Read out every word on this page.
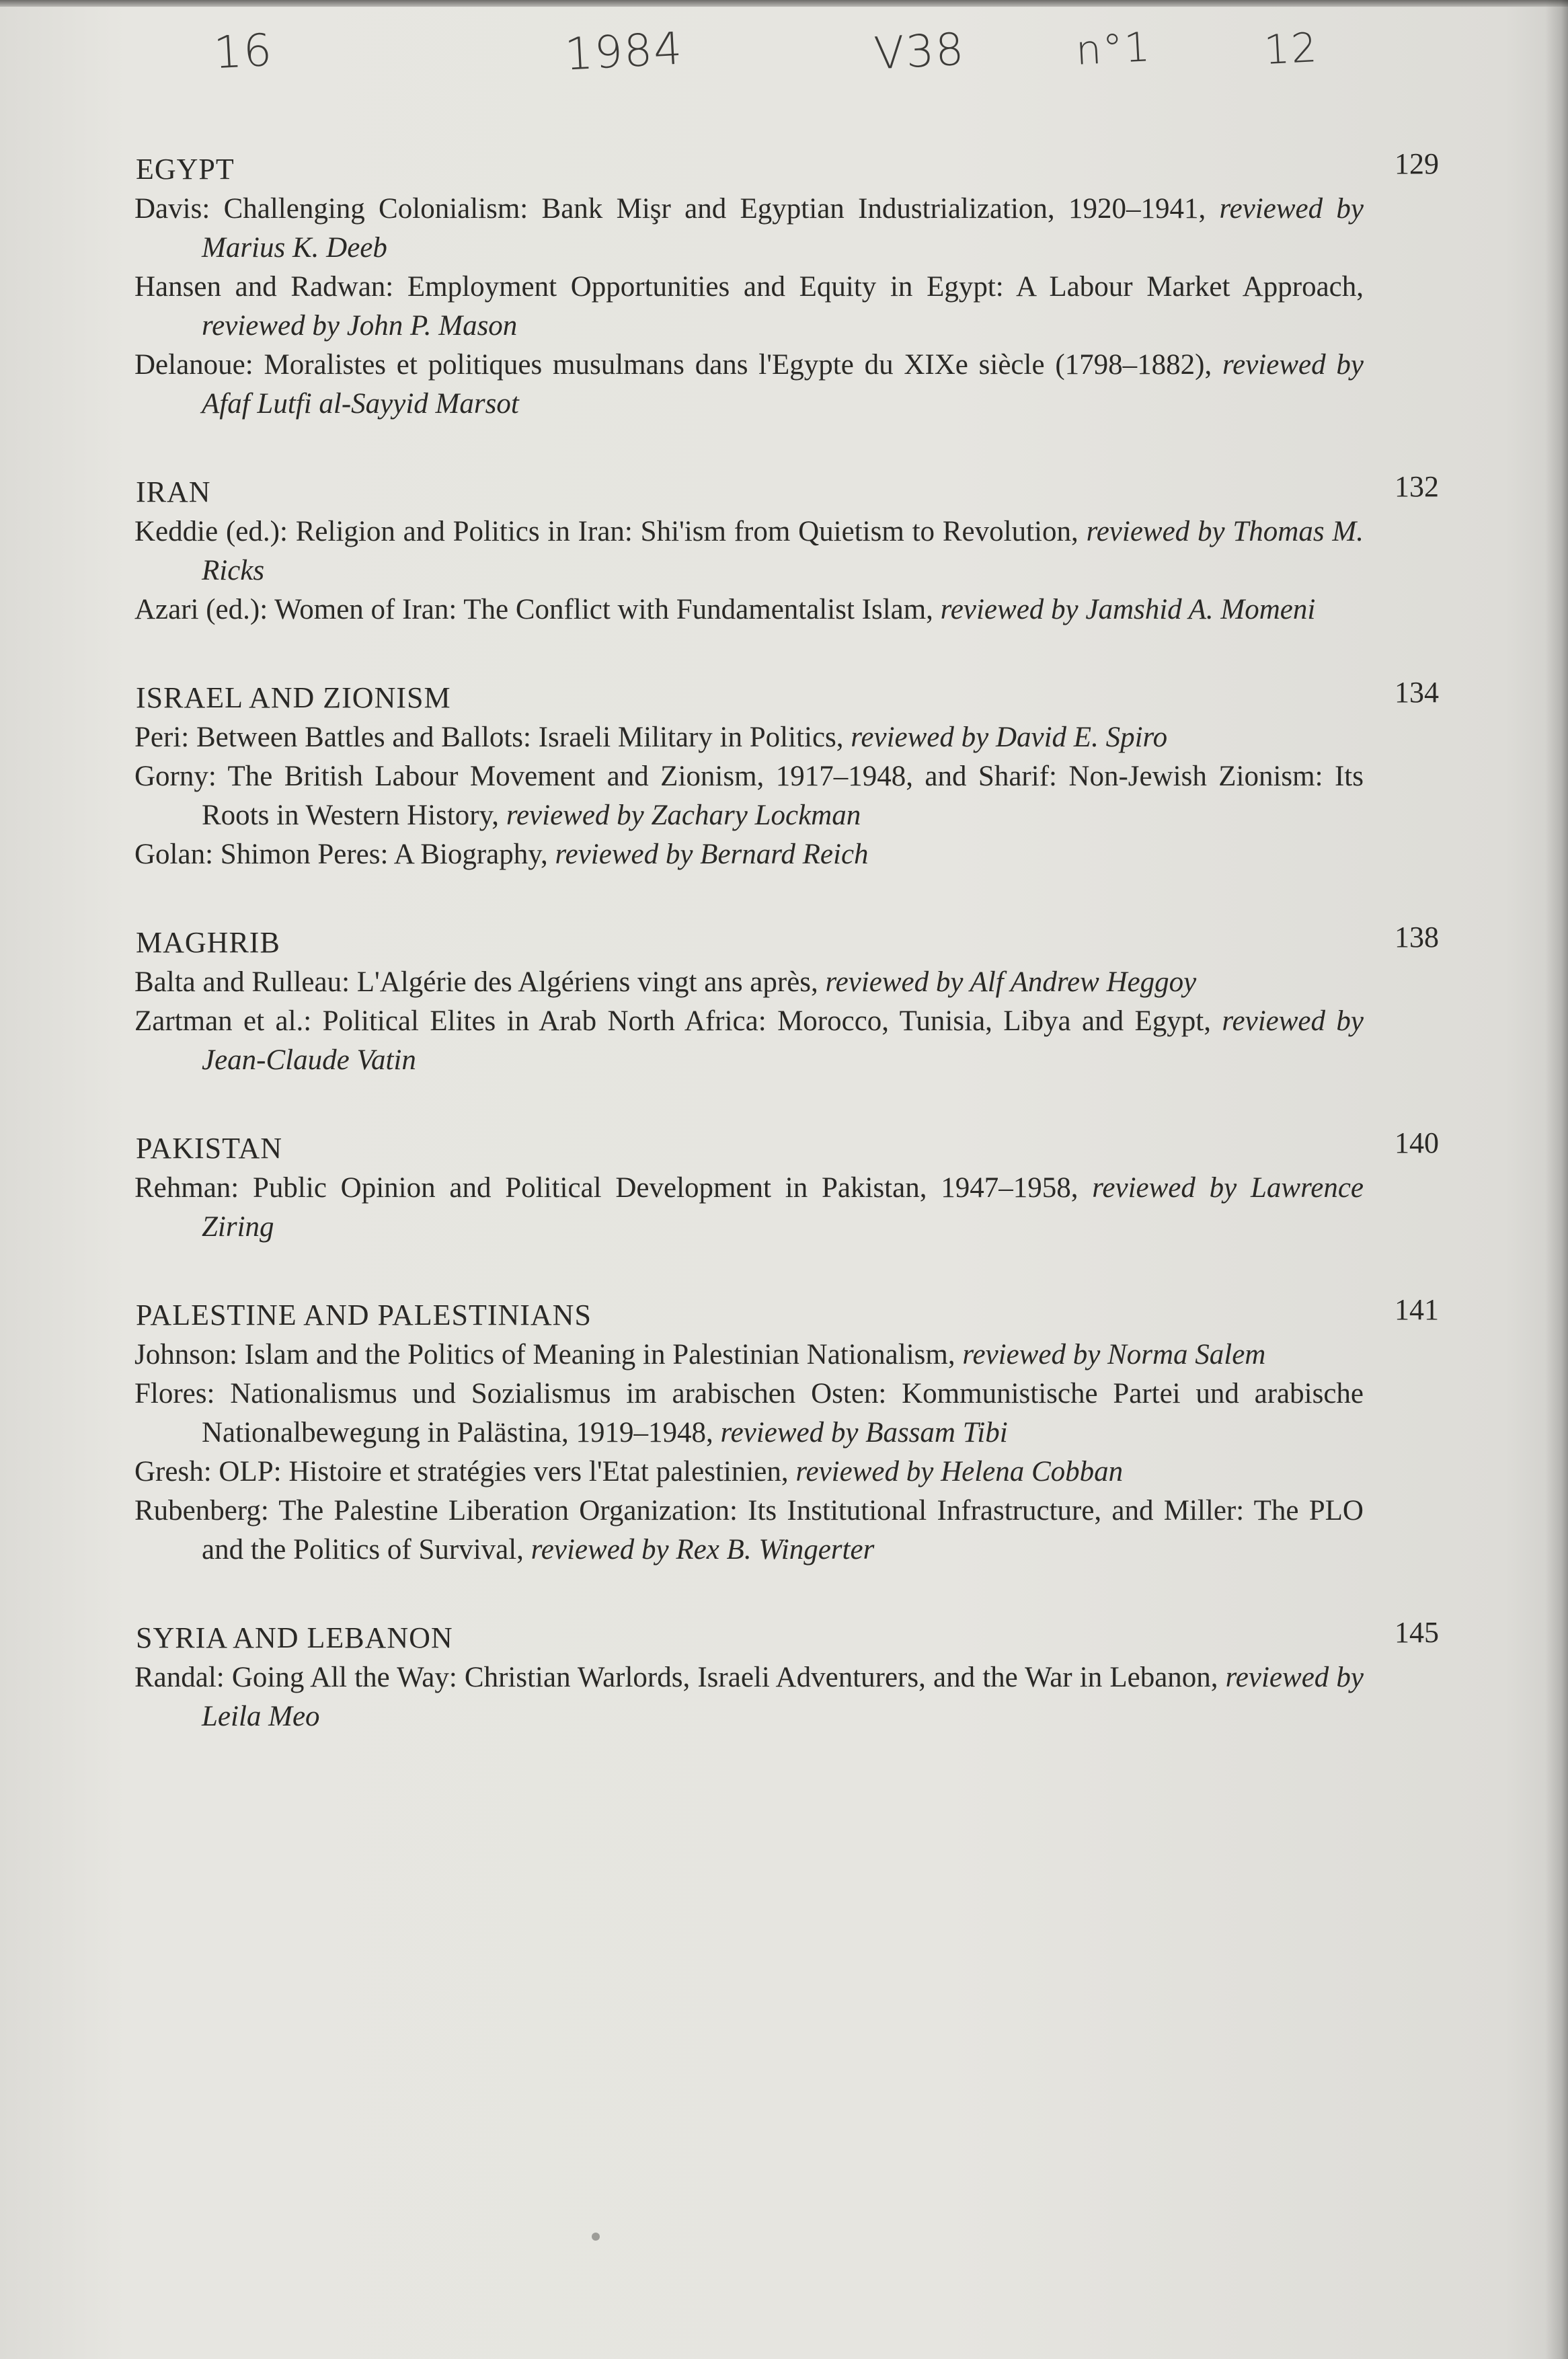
16	1984	V38	n°1	12
EGYPT	129

Davis: Challenging Colonialism: Bank Mişr and Egyptian Industrialization, 1920–1941, reviewed by Marius K. Deeb

Hansen and Radwan: Employment Opportunities and Equity in Egypt: A Labour Market Approach, reviewed by John P. Mason

Delanoue: Moralistes et politiques musulmans dans l'Egypte du XIXe siècle (1798–1882), reviewed by Afaf Lutfi al-Sayyid Marsot

IRAN	132

Keddie (ed.): Religion and Politics in Iran: Shi'ism from Quietism to Revolution, reviewed by Thomas M. Ricks

Azari (ed.): Women of Iran: The Conflict with Fundamentalist Islam, reviewed by Jamshid A. Momeni

ISRAEL AND ZIONISM	134

Peri: Between Battles and Ballots: Israeli Military in Politics, reviewed by David E. Spiro

Gorny: The British Labour Movement and Zionism, 1917–1948, and Sharif: Non-Jewish Zionism: Its Roots in Western History, reviewed by Zachary Lockman

Golan: Shimon Peres: A Biography, reviewed by Bernard Reich

MAGHRIB	138

Balta and Rulleau: L'Algérie des Algériens vingt ans après, reviewed by Alf Andrew Heggoy

Zartman et al.: Political Elites in Arab North Africa: Morocco, Tunisia, Libya and Egypt, reviewed by Jean-Claude Vatin

PAKISTAN	140

Rehman: Public Opinion and Political Development in Pakistan, 1947–1958, reviewed by Lawrence Ziring

PALESTINE AND PALESTINIANS	141

Johnson: Islam and the Politics of Meaning in Palestinian Nationalism, reviewed by Norma Salem

Flores: Nationalismus und Sozialismus im arabischen Osten: Kommunistische Partei und arabische Nationalbewegung in Palästina, 1919–1948, reviewed by Bassam Tibi

Gresh: OLP: Histoire et stratégies vers l'Etat palestinien, reviewed by Helena Cobban

Rubenberg: The Palestine Liberation Organization: Its Institutional Infrastructure, and Miller: The PLO and the Politics of Survival, reviewed by Rex B. Wingerter

SYRIA AND LEBANON	145

Randal: Going All the Way: Christian Warlords, Israeli Adventurers, and the War in Lebanon, reviewed by Leila Meo
